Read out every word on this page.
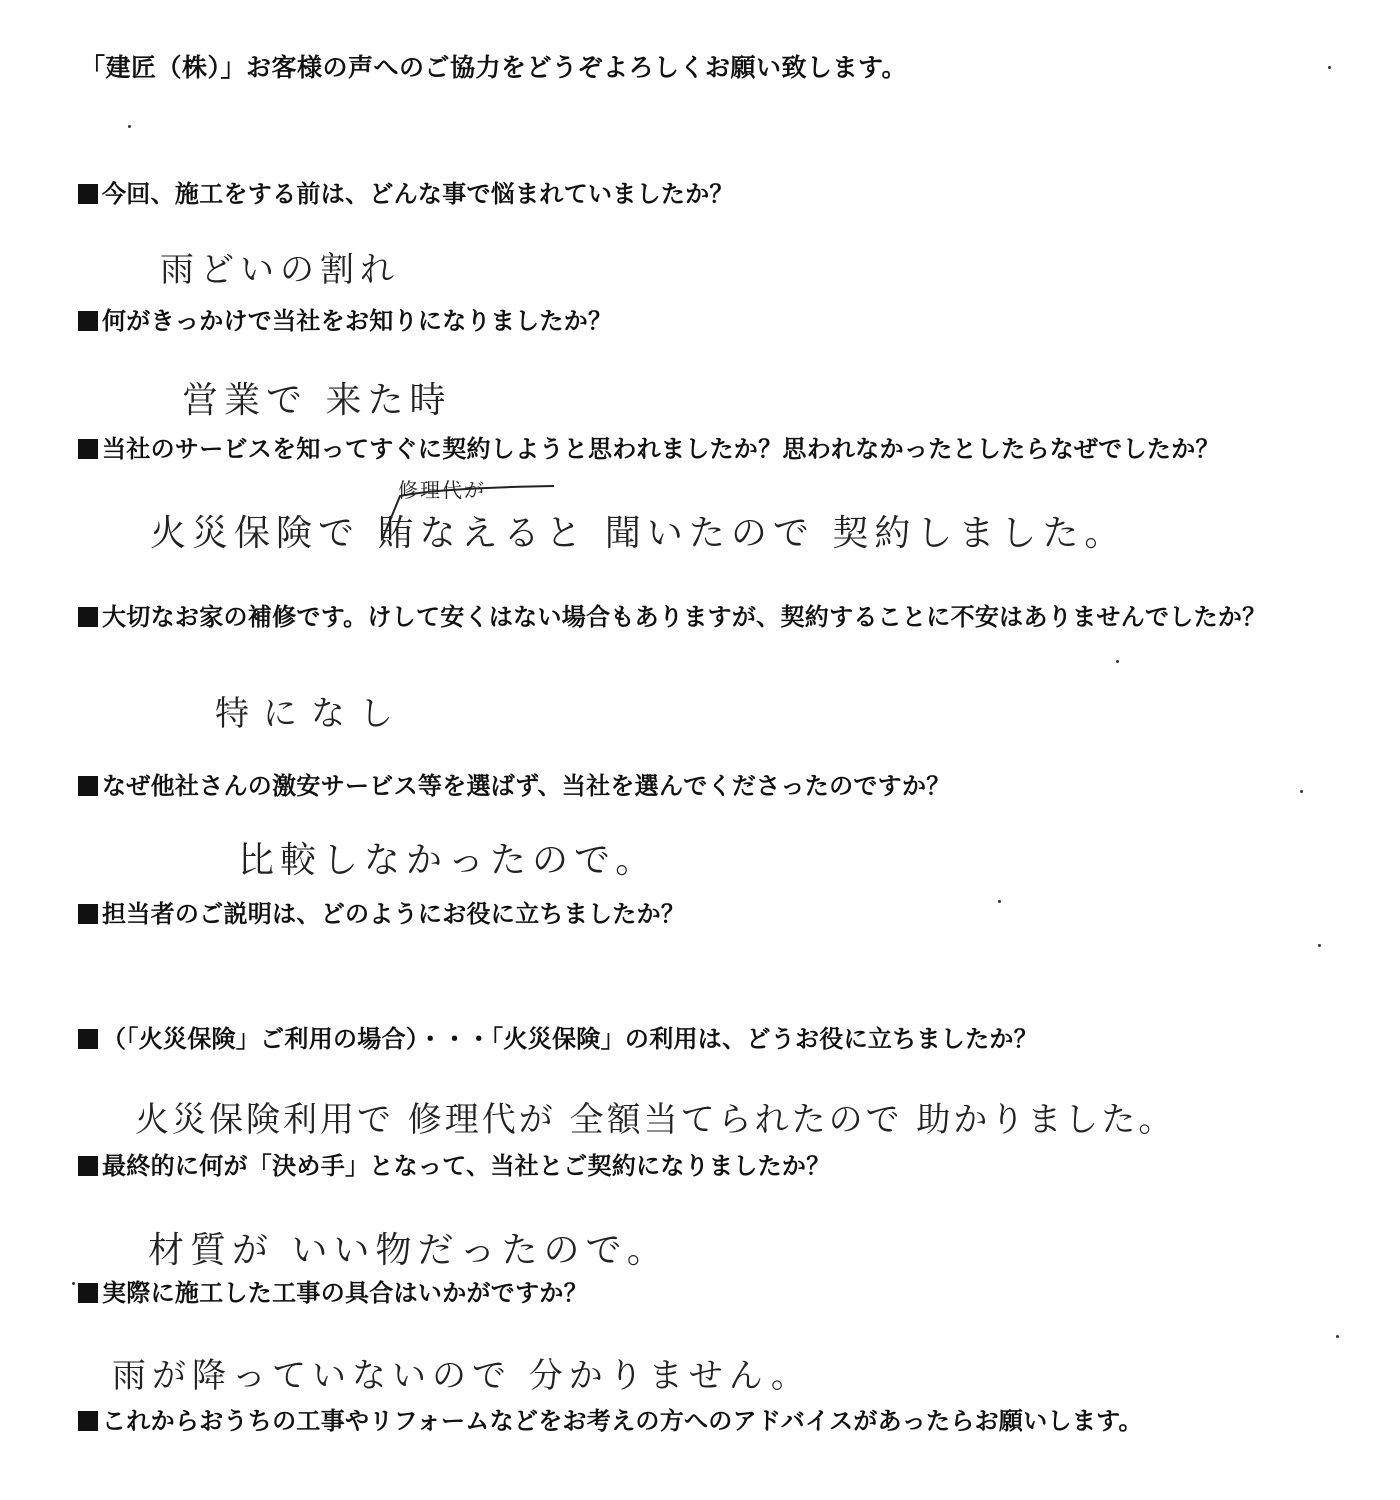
「建匠（株）」お客様の声へのご協力をどうぞよろしくお願い致します。
今回、施工をする前は、どんな事で悩まれていましたか？
雨どいの割れ
何がきっかけで当社をお知りになりましたか？
営業で 来た時
当社のサービスを知ってすぐに契約しようと思われましたか？思われなかったとしたらなぜでしたか？
修理代が
火災保険で 賄なえると 聞いたので 契約しました。
大切なお家の補修です。けして安くはない場合もありますが、契約することに不安はありませんでしたか？
特になし
なぜ他社さんの激安サービス等を選ばず、当社を選んでくださったのですか？
比較しなかったので。
担当者のご説明は、どのようにお役に立ちましたか？
（「火災保険」ご利用の場合）・・・「火災保険」の利用は、どうお役に立ちましたか？
火災保険利用で 修理代が 全額当てられたので 助かりました。
最終的に何が「決め手」となって、当社とご契約になりましたか？
材質が いい物だったので。
実際に施工した工事の具合はいかがですか？
雨が降っていないので 分かりません。
これからおうちの工事やリフォームなどをお考えの方へのアドバイスがあったらお願いします。
